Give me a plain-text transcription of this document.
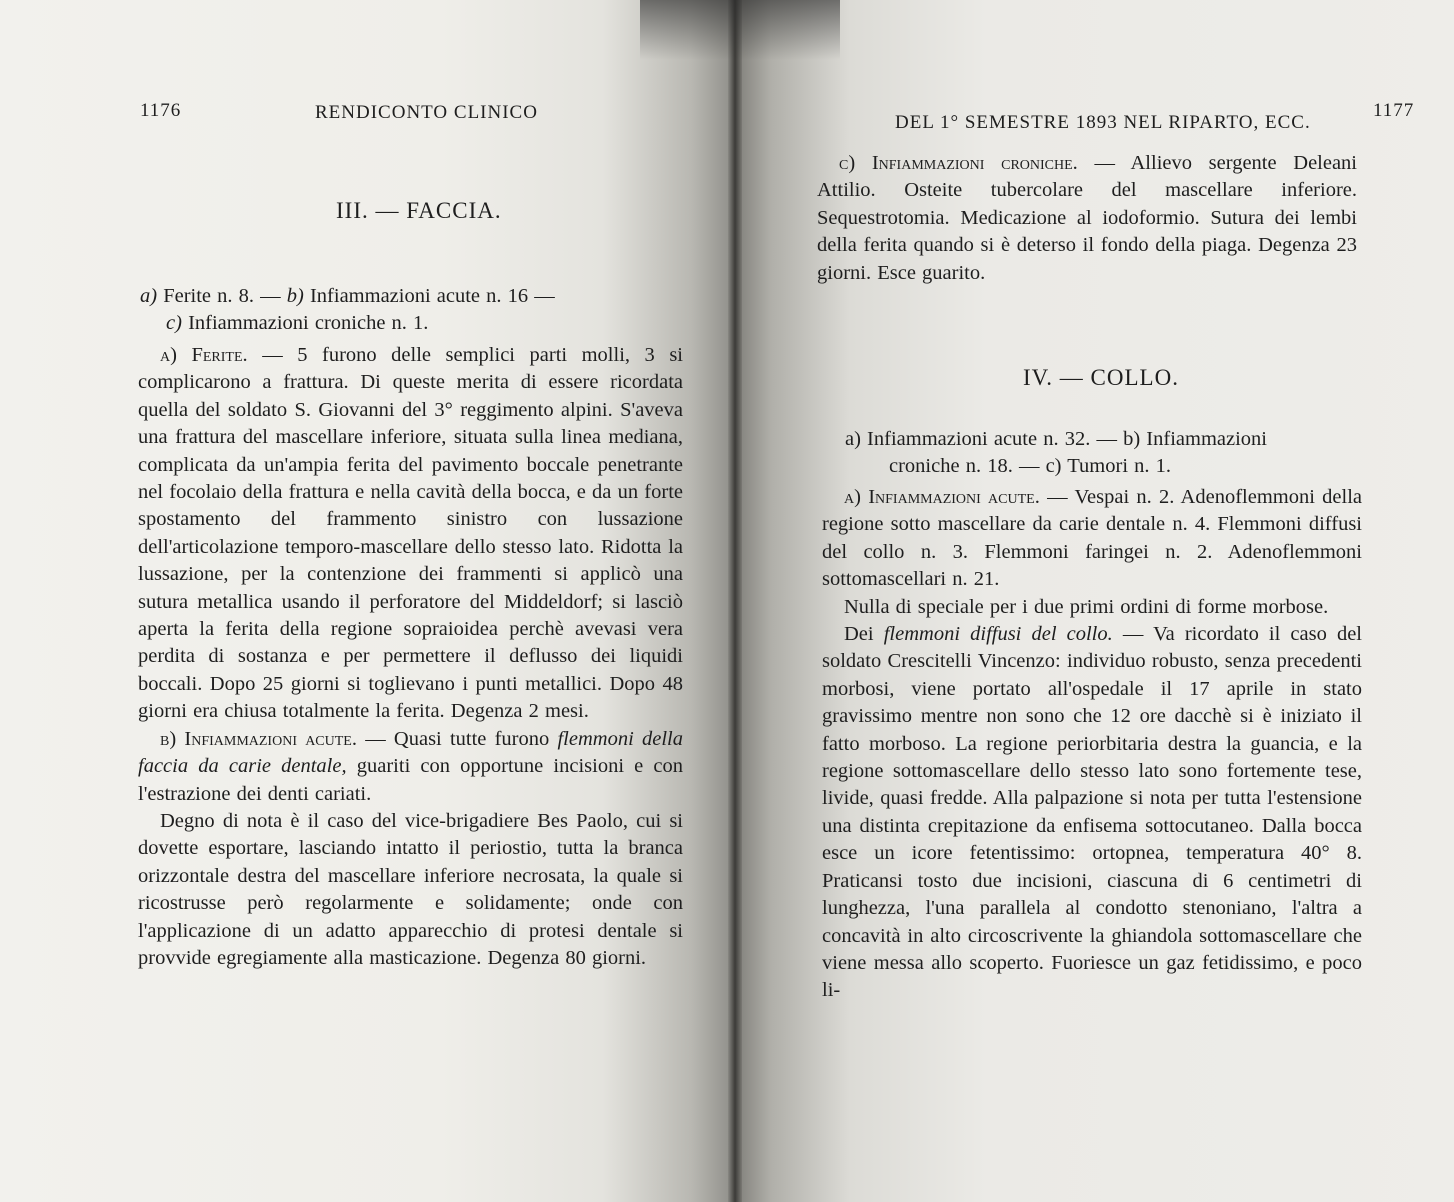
1176	RENDICONTO CLINICO
III. — FACCIA.

a) Ferite n. 8. — b) Infiammazioni acute n. 16 —

c) Infiammazioni croniche n. 1.

a) Ferite. — 5 furono delle semplici parti molli, 3 si complicarono a frattura. Di queste merita di essere ricordata quella del soldato S. Giovanni del 3° reggimento alpini. S'aveva una frattura del mascellare inferiore, situata sulla linea mediana, complicata da un'ampia ferita del pavimento boccale penetrante nel focolaio della frattura e nella cavità della bocca, e da un forte spostamento del frammento sinistro con lussazione dell'articolazione temporo-mascellare dello stesso lato. Ridotta la lussazione, per la contenzione dei frammenti si applicò una sutura metallica usando il perforatore del Middeldorf; si lasciò aperta la ferita della regione sopraioidea perchè avevasi vera perdita di sostanza e per permettere il deflusso dei liquidi boccali. Dopo 25 giorni si toglievano i punti metallici. Dopo 48 giorni era chiusa totalmente la ferita. Degenza 2 mesi.

b) Infiammazioni acute. — Quasi tutte furono flemmoni della faccia da carie dentale, guariti con opportune incisioni e con l'estrazione dei denti cariati.

Degno di nota è il caso del vice-brigadiere Bes Paolo, cui si dovette esportare, lasciando intatto il periostio, tutta la branca orizzontale destra del mascellare inferiore necrosata, la quale si ricostrusse però regolarmente e solidamente; onde con l'applicazione di un adatto apparecchio di protesi dentale si provvide egregiamente alla masticazione. Degenza 80 giorni.

DEL 1° SEMESTRE 1893 NEL RIPARTO, ECC.
1177

c) Infiammazioni croniche. — Allievo sergente Deleani Attilio. Osteite tubercolare del mascellare inferiore. Sequestrotomia. Medicazione al iodoformio. Sutura dei lembi della ferita quando si è deterso il fondo della piaga. Degenza 23 giorni. Esce guarito.

IV. — COLLO.

a) Infiammazioni acute n. 32. — b) Infiammazioni

croniche n. 18. — c) Tumori n. 1.

a) Infiammazioni acute. — Vespai n. 2. Adenoflemmoni della regione sotto mascellare da carie dentale n. 4. Flemmoni diffusi del collo n. 3. Flemmoni faringei n. 2. Adenoflemmoni sottomascellari n. 21.

Nulla di speciale per i due primi ordini di forme morbose.

Dei flemmoni diffusi del collo. — Va ricordato il caso del soldato Crescitelli Vincenzo: individuo robusto, senza precedenti morbosi, viene portato all'ospedale il 17 aprile in stato gravissimo mentre non sono che 12 ore dacchè si è iniziato il fatto morboso. La regione periorbitaria destra la guancia, e la regione sottomascellare dello stesso lato sono fortemente tese, livide, quasi fredde. Alla palpazione si nota per tutta l'estensione una distinta crepitazione da enfisema sottocutaneo. Dalla bocca esce un icore fetentissimo: ortopnea, temperatura 40° 8. Praticansi tosto due incisioni, ciascuna di 6 centimetri di lunghezza, l'una parallela al condotto stenoniano, l'altra a concavità in alto circoscrivente la ghiandola sottomascellare che viene messa allo scoperto. Fuoriesce un gaz fetidissimo, e poco li-
